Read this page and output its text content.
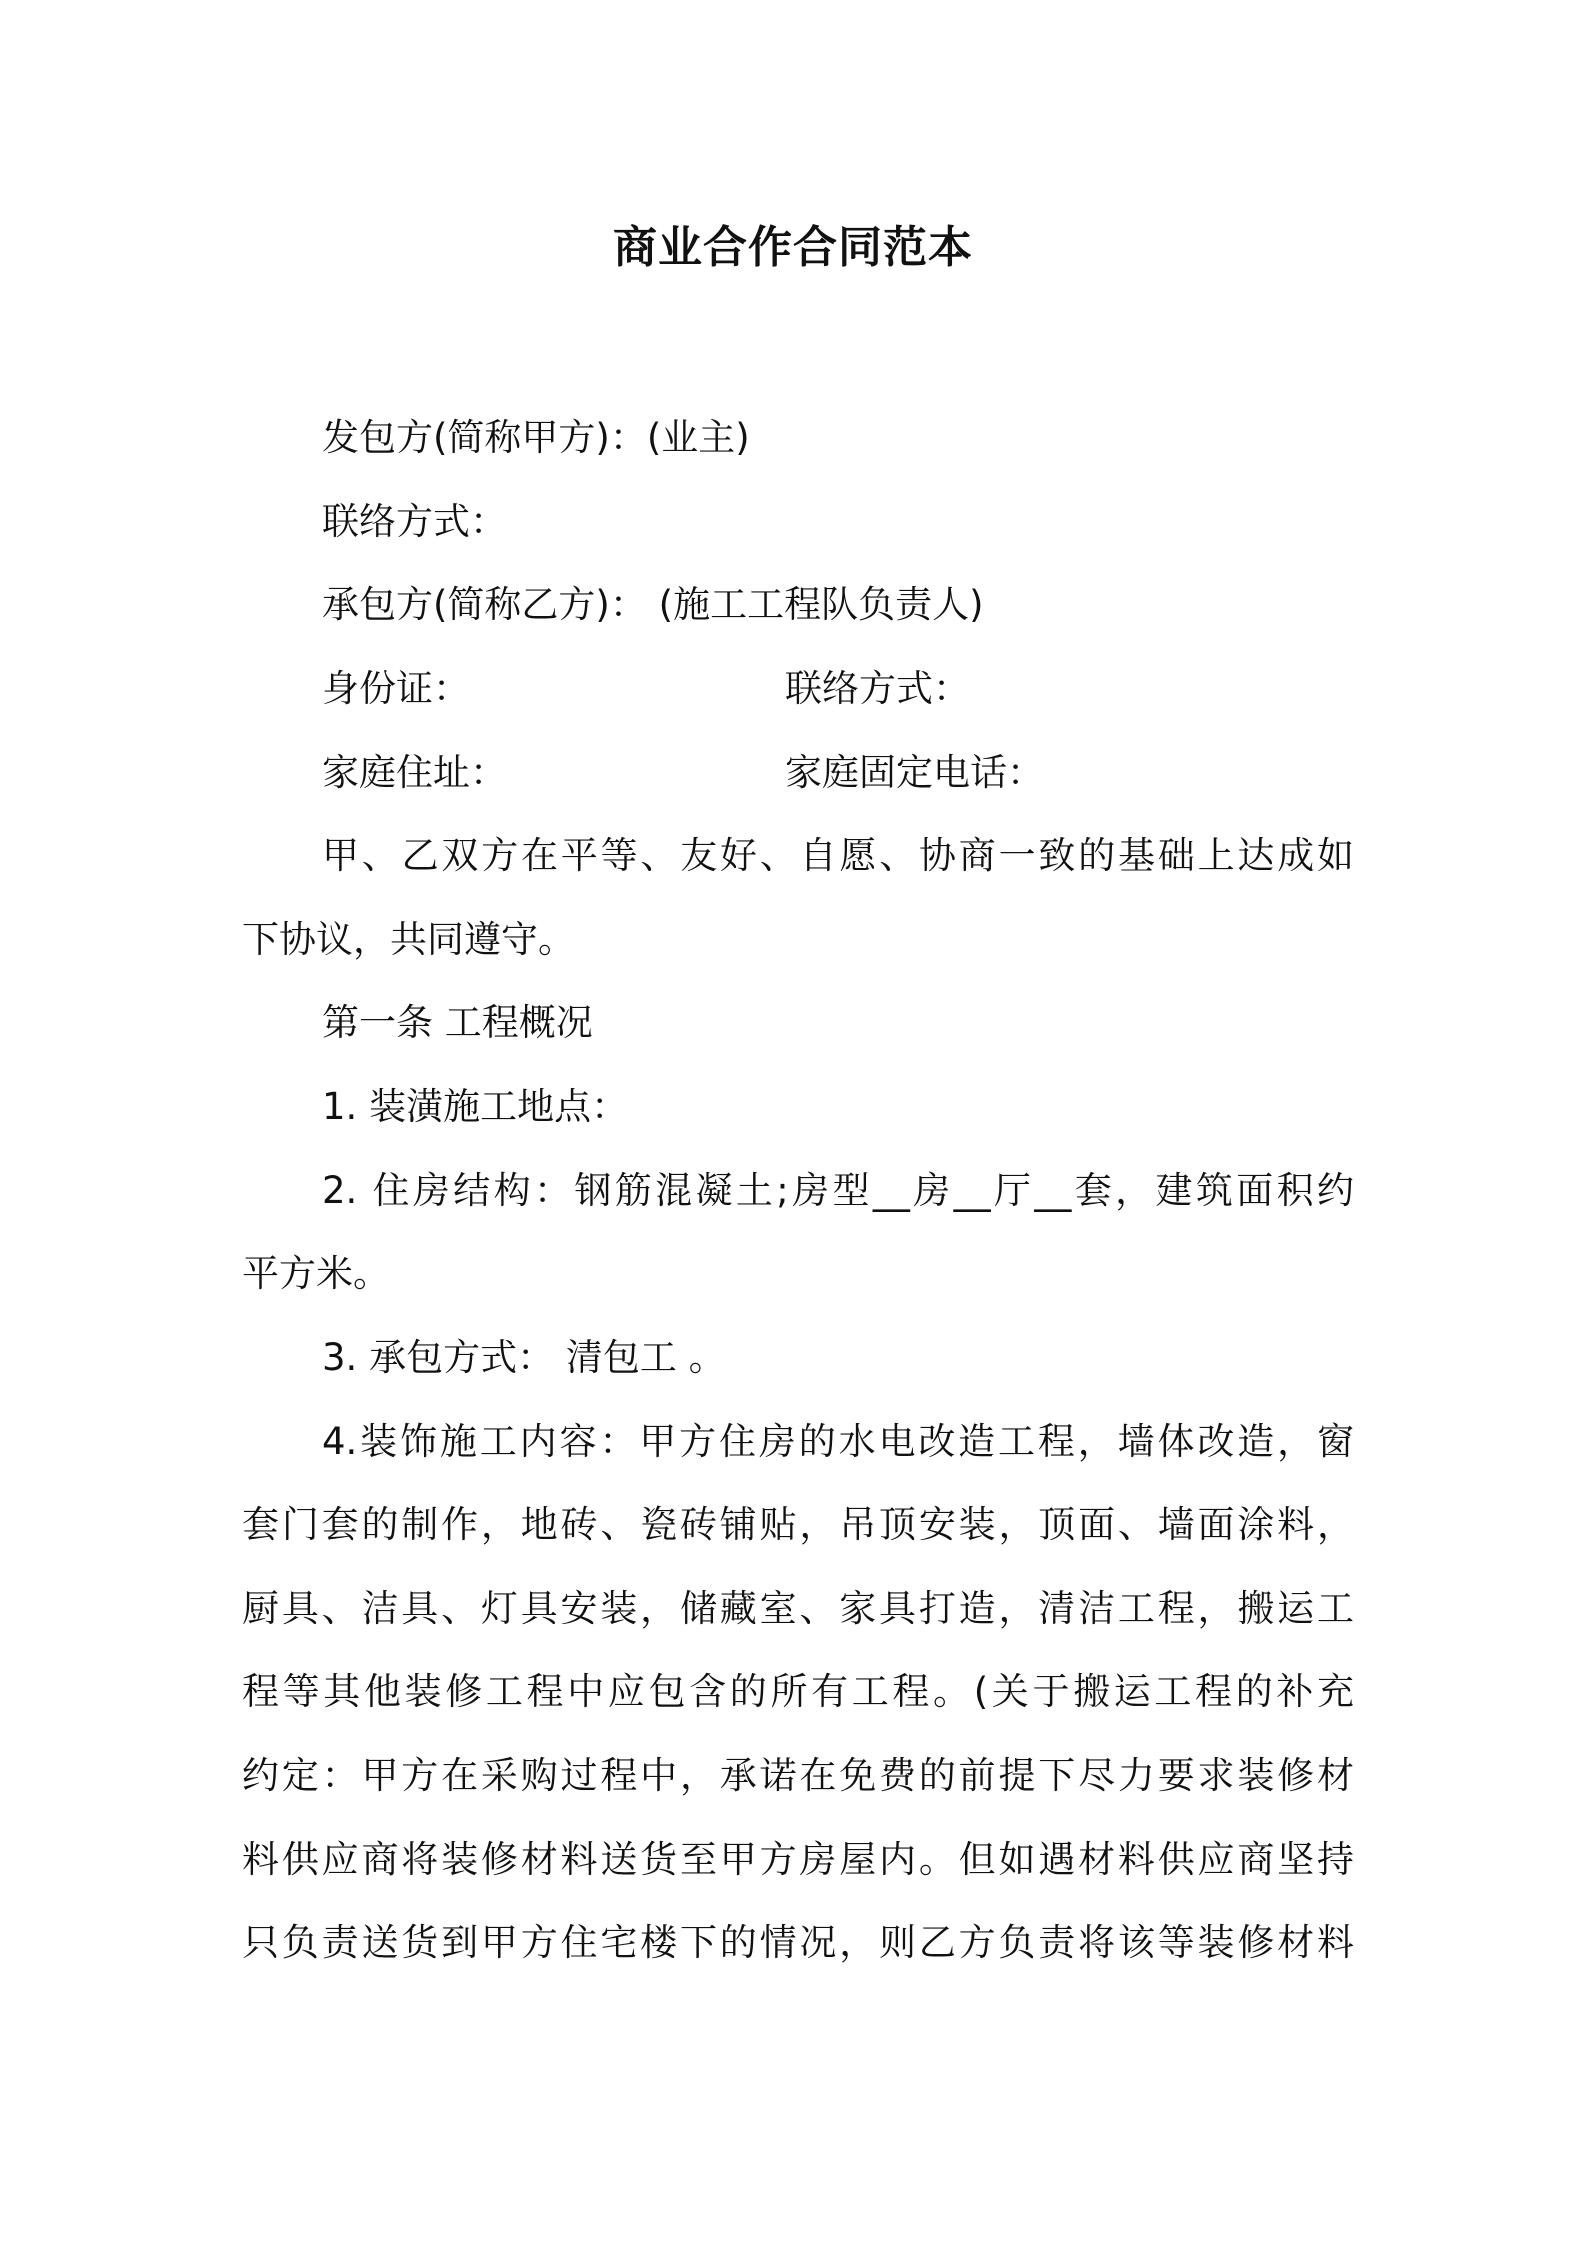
商业合作合同范本
发包方(简称甲方)：(业主)
联络方式：
承包方(简称乙方)： (施工工程队负责人)
身份证：	联络方式：
家庭住址：	家庭固定电话：
甲、乙双方在平等、友好、自愿、协商一致的基础上达成如
下协议，共同遵守。
第一条 工程概况
1. 装潢施工地点：
2. 住房结构：钢筋混凝土;房型__房__厅__套，建筑面积约
平方米。
3. 承包方式： 清包工 。
4.装饰施工内容：甲方住房的水电改造工程，墙体改造，窗
套门套的制作，地砖、瓷砖铺贴，吊顶安装，顶面、墙面涂料，
厨具、洁具、灯具安装，储藏室、家具打造，清洁工程，搬运工
程等其他装修工程中应包含的所有工程。(关于搬运工程的补充
约定：甲方在采购过程中，承诺在免费的前提下尽力要求装修材
料供应商将装修材料送货至甲方房屋内。但如遇材料供应商坚持
只负责送货到甲方住宅楼下的情况，则乙方负责将该等装修材料
